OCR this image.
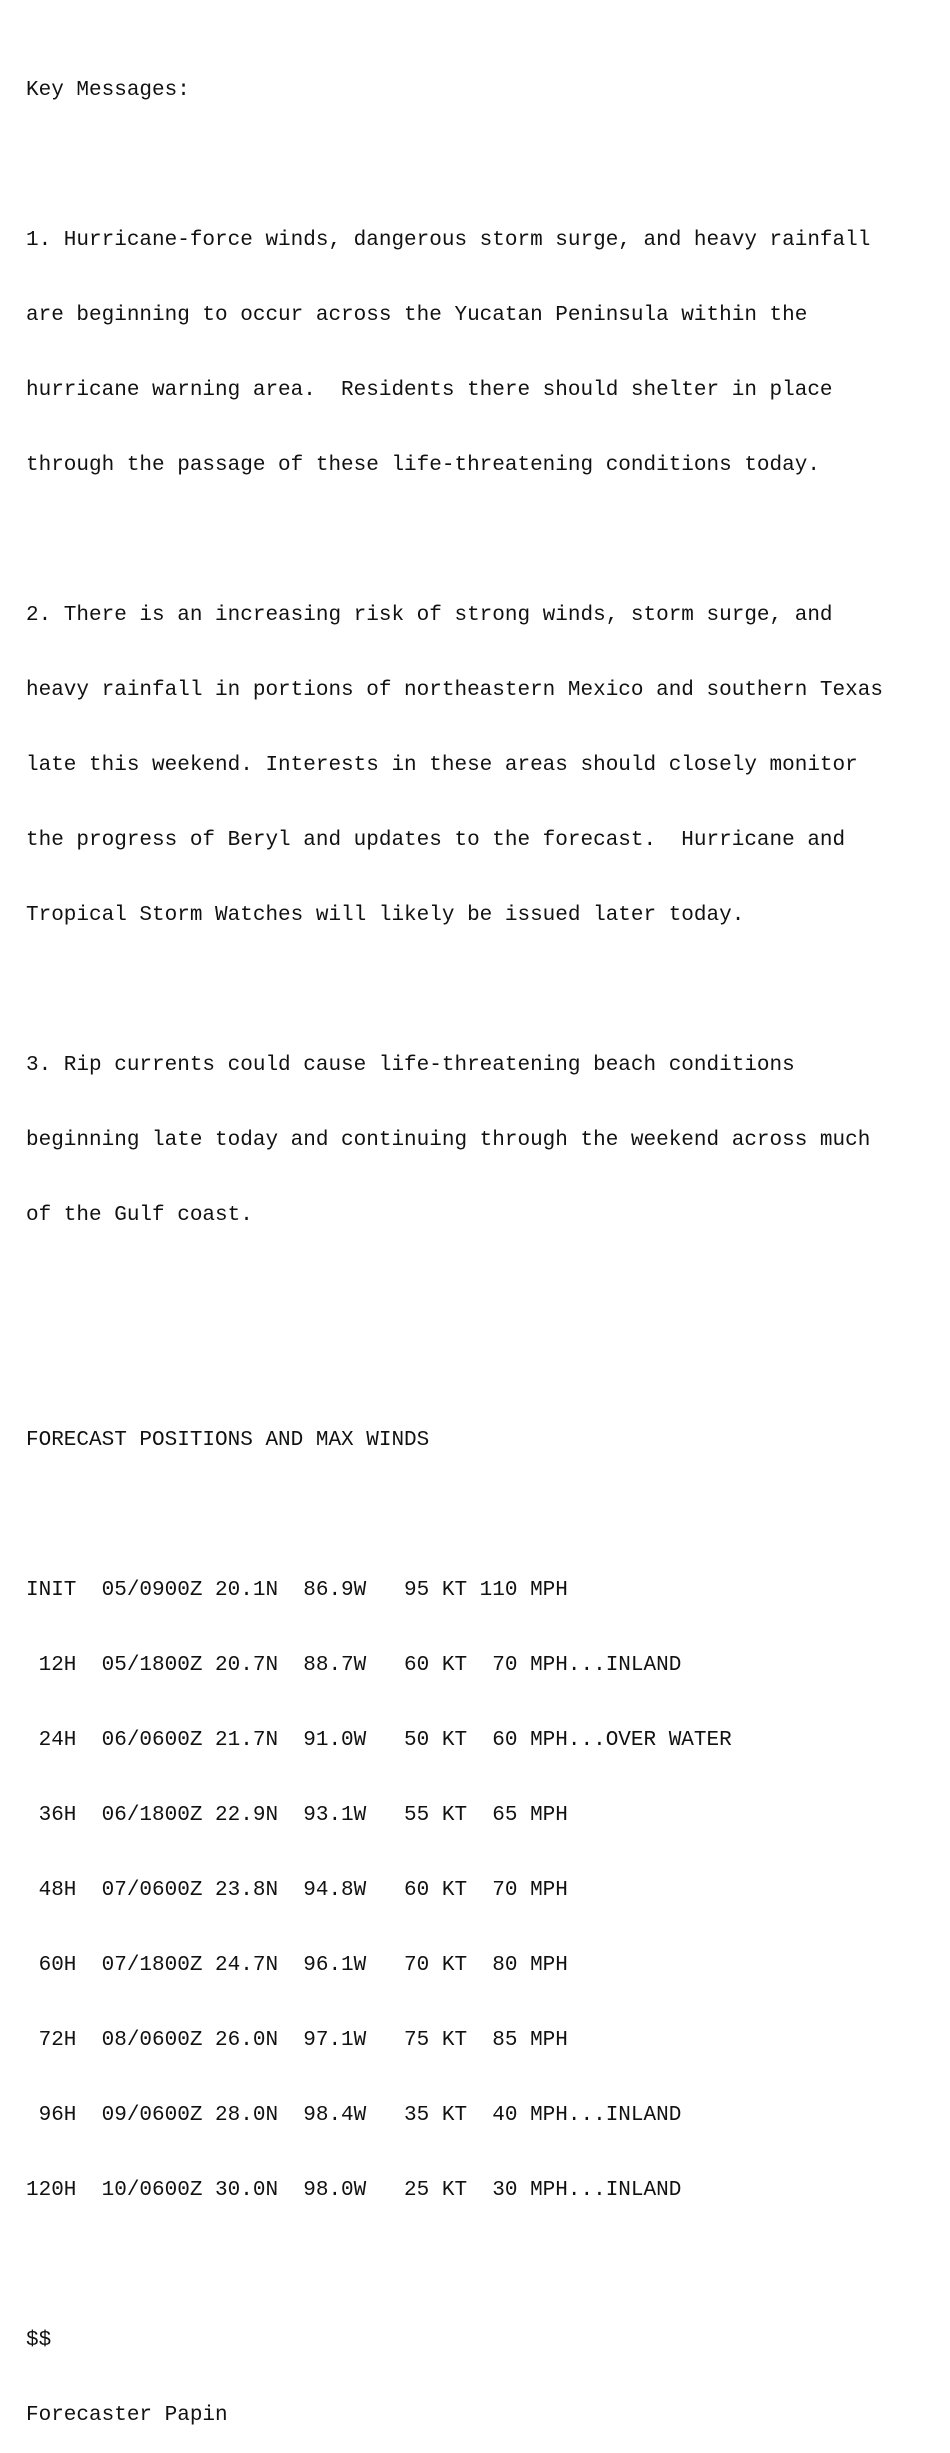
Key Messages:

1. Hurricane-force winds, dangerous storm surge, and heavy rainfall

are beginning to occur across the Yucatan Peninsula within the

hurricane warning area.  Residents there should shelter in place

through the passage of these life-threatening conditions today.

2. There is an increasing risk of strong winds, storm surge, and

heavy rainfall in portions of northeastern Mexico and southern Texas

late this weekend. Interests in these areas should closely monitor

the progress of Beryl and updates to the forecast.  Hurricane and

Tropical Storm Watches will likely be issued later today.

3. Rip currents could cause life-threatening beach conditions

beginning late today and continuing through the weekend across much

of the Gulf coast.

FORECAST POSITIONS AND MAX WINDS

INIT  05/0900Z 20.1N  86.9W   95 KT 110 MPH

12H  05/1800Z 20.7N  88.7W   60 KT  70 MPH...INLAND

24H  06/0600Z 21.7N  91.0W   50 KT  60 MPH...OVER WATER

36H  06/1800Z 22.9N  93.1W   55 KT  65 MPH

48H  07/0600Z 23.8N  94.8W   60 KT  70 MPH

60H  07/1800Z 24.7N  96.1W   70 KT  80 MPH

72H  08/0600Z 26.0N  97.1W   75 KT  85 MPH

96H  09/0600Z 28.0N  98.4W   35 KT  40 MPH...INLAND

120H  10/0600Z 30.0N  98.0W   25 KT  30 MPH...INLAND

$$

Forecaster Papin
